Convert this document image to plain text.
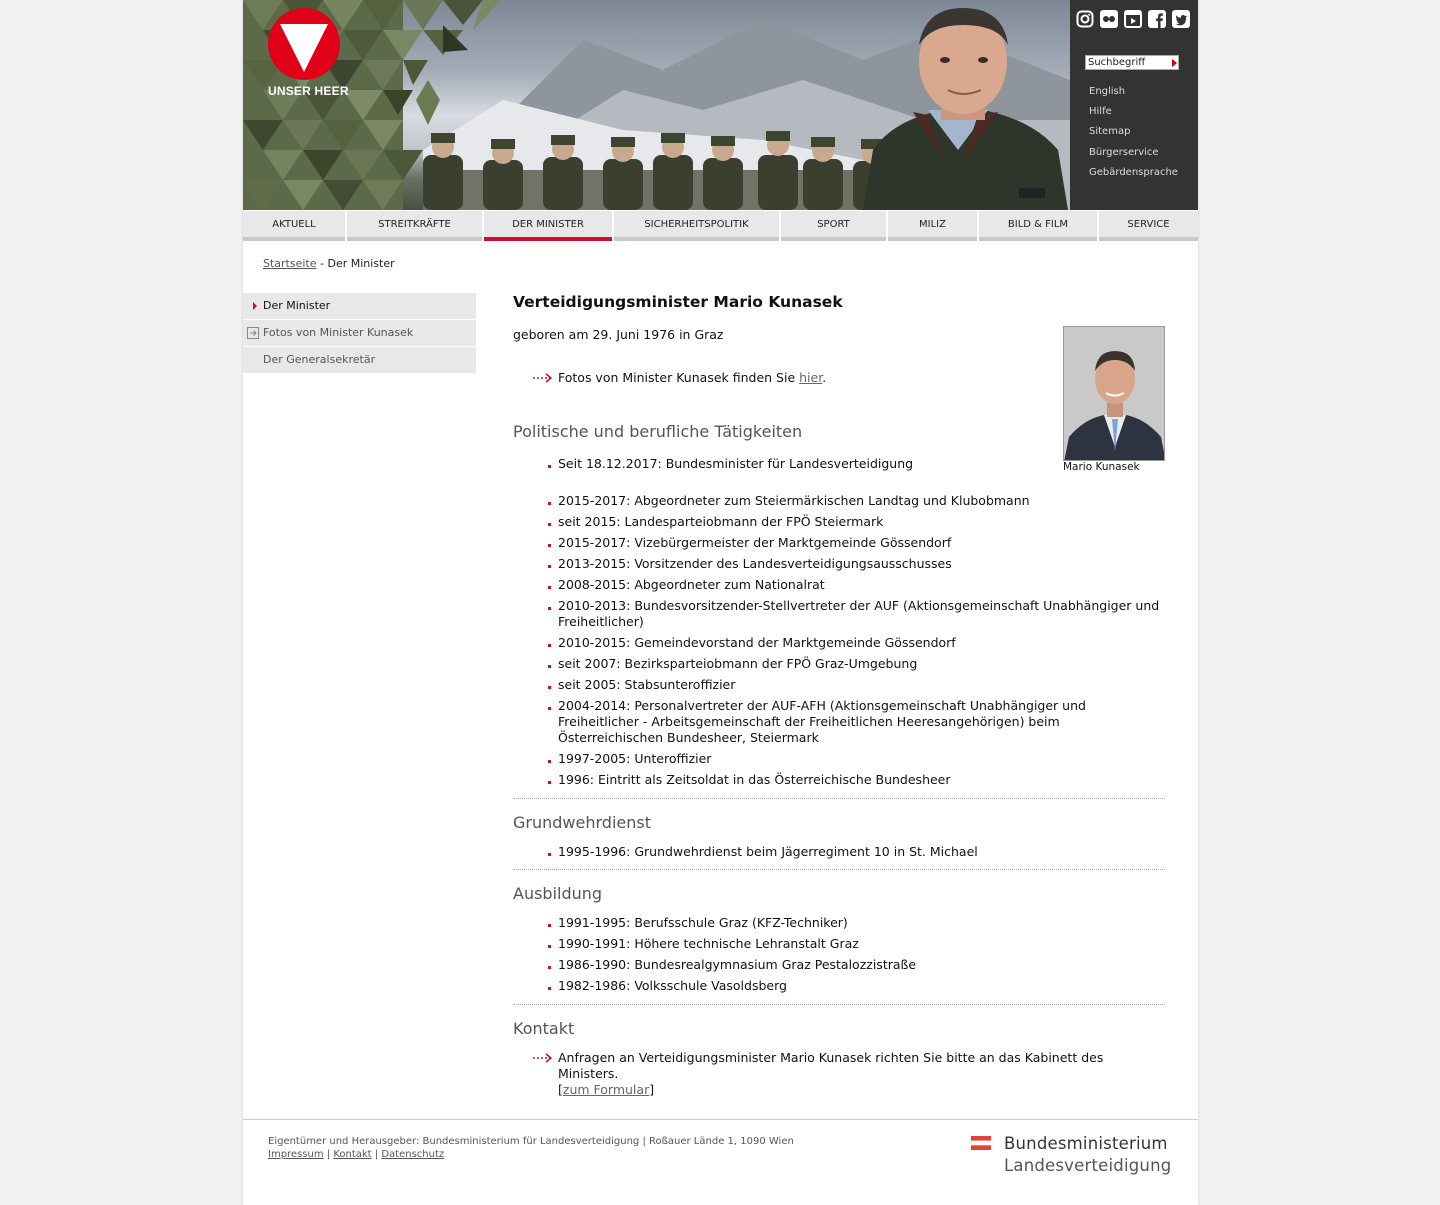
UNSER HEER
Suchbegriff	English
Hilfe
Sitemap
Bürgerservice
Gebärdensprache
AKTUELL	STREITKRÄFTE	DER MINISTER	SICHERHEITSPOLITIK	SPORT	MILIZ	BILD & FILM	SERVICE
Startseite - Der Minister
Der Minister
Fotos von Minister Kunasek
Der Generalsekretär
Verteidigungsminister Mario Kunasek
geboren am 29. Juni 1976 in Graz
Mario Kunasek
Fotos von Minister Kunasek finden Sie hier.
Politische und berufliche Tätigkeiten
Seit 18.12.2017: Bundesminister für Landesverteidigung
2015-2017: Abgeordneter zum Steiermärkischen Landtag und Klubobmann
seit 2015: Landesparteiobmann der FPÖ Steiermark
2015-2017: Vizebürgermeister der Marktgemeinde Gössendorf
2013-2015: Vorsitzender des Landesverteidigungsausschusses
2008-2015: Abgeordneter zum Nationalrat
2010-2013: Bundesvorsitzender-Stellvertreter der AUF (Aktionsgemeinschaft Unabhängiger und Freiheitlicher)
2010-2015: Gemeindevorstand der Marktgemeinde Gössendorf
seit 2007: Bezirksparteiobmann der FPÖ Graz-Umgebung
seit 2005: Stabsunteroffizier
2004-2014: Personalvertreter der AUF-AFH (Aktionsgemeinschaft Unabhängiger und Freiheitlicher - Arbeitsgemeinschaft der Freiheitlichen Heeresangehörigen) beim Österreichischen Bundesheer, Steiermark
1997-2005: Unteroffizier
1996: Eintritt als Zeitsoldat in das Österreichische Bundesheer
Grundwehrdienst
1995-1996: Grundwehrdienst beim Jägerregiment 10 in St. Michael
Ausbildung
1991-1995: Berufsschule Graz (KFZ-Techniker)
1990-1991: Höhere technische Lehranstalt Graz
1986-1990: Bundesrealgymnasium Graz Pestalozzistraße
1982-1986: Volksschule Vasoldsberg
Kontakt
Anfragen an Verteidigungsminister Mario Kunasek richten Sie bitte an das Kabinett des Ministers.
[zum Formular]
Eigentümer und Herausgeber: Bundesministerium für Landesverteidigung | Roßauer Lände 1, 1090 Wien
Impressum | Kontakt | Datenschutz
Bundesministerium
Landesverteidigung
